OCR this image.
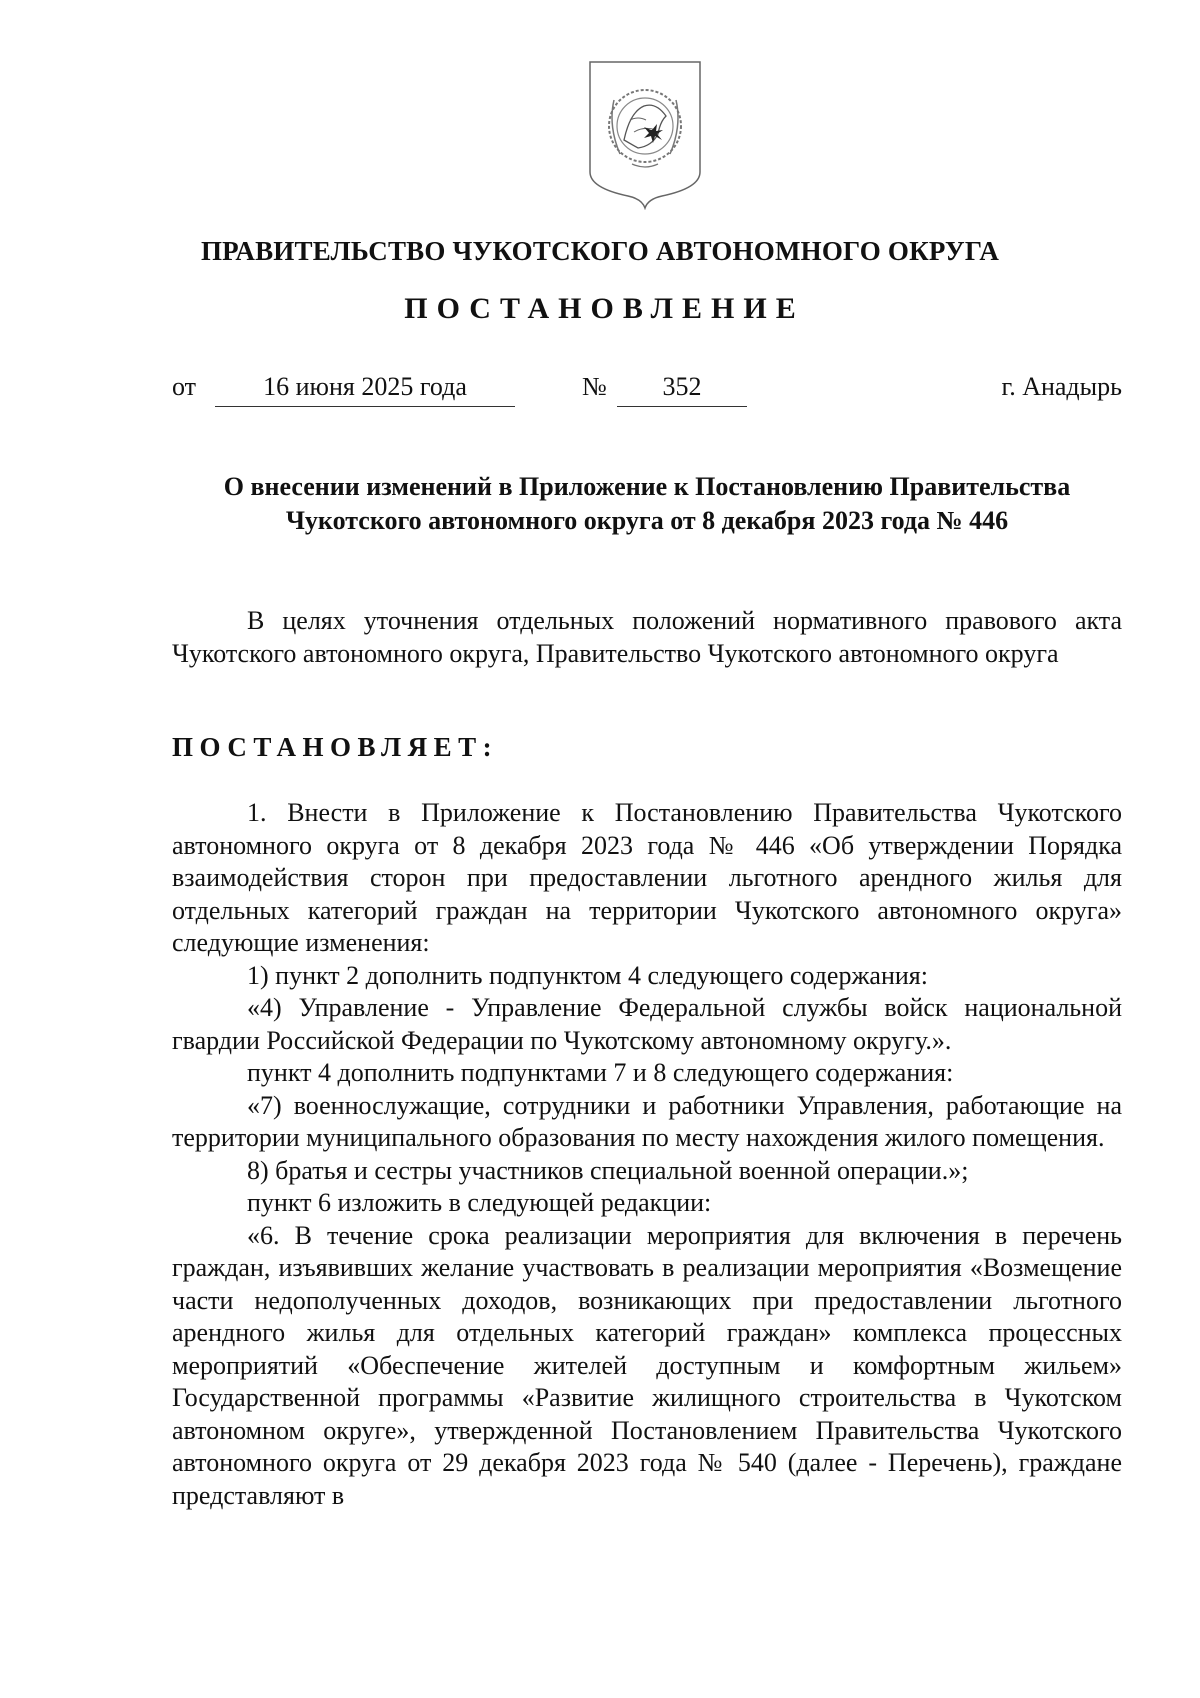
ПРАВИТЕЛЬСТВО ЧУКОТСКОГО АВТОНОМНОГО ОКРУГА
ПОСТАНОВЛЕНИЕ
от	16 июня 2025 года	№	352	г. Анадырь
О внесении изменений в Приложение к Постановлению Правительства
Чукотского автономного округа от 8 декабря 2023 года № 446

В целях уточнения отдельных положений нормативного правового акта Чукотского автономного округа, Правительство Чукотского автономного округа

ПОСТАНОВЛЯЕТ:

1. Внести в Приложение к Постановлению Правительства Чукотского автономного округа от 8 декабря 2023 года № 446 «Об утверждении Порядка взаимодействия сторон при предоставлении льготного арендного жилья для отдельных категорий граждан на территории Чукотского автономного округа» следующие изменения:

1) пункт 2 дополнить подпунктом 4 следующего содержания:

«4) Управление - Управление Федеральной службы войск национальной гвардии Российской Федерации по Чукотскому автономному округу.».

пункт 4 дополнить подпунктами 7 и 8 следующего содержания:

«7) военнослужащие, сотрудники и работники Управления, работающие на территории муниципального образования по месту нахождения жилого помещения.

8) братья и сестры участников специальной военной операции.»;

пункт 6 изложить в следующей редакции:

«6. В течение срока реализации мероприятия для включения в перечень граждан, изъявивших желание участвовать в реализации мероприятия «Возмещение части недополученных доходов, возникающих при предоставлении льготного арендного жилья для отдельных категорий граждан» комплекса процессных мероприятий «Обеспечение жителей доступным и комфортным жильем» Государственной программы «Развитие жилищного строительства в Чукотском автономном округе», утвержденной Постановлением Правительства Чукотского автономного округа от 29 декабря 2023 года № 540 (далее - Перечень), граждане представляют в
